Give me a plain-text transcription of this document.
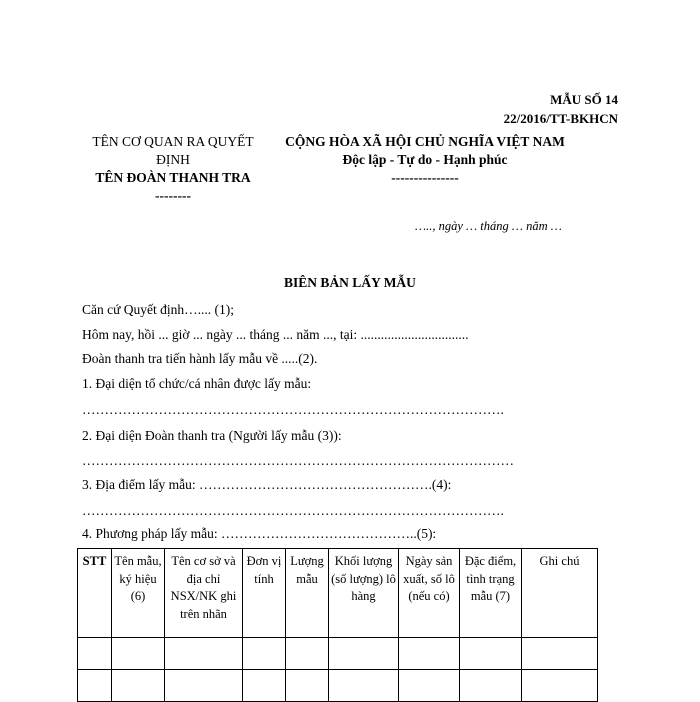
MẪU SỐ 14
22/2016/TT-BKHCN
TÊN CƠ QUAN RA QUYẾT
ĐỊNH
TÊN ĐOÀN THANH TRA
--------
CỘNG HÒA XÃ HỘI CHỦ NGHĨA VIỆT NAM
Độc lập - Tự do - Hạnh phúc
---------------
….., ngày … tháng … năm …
BIÊN BẢN LẤY MẪU
Căn cứ Quyết định….... (1);
Hôm nay, hồi ... giờ ... ngày ... tháng ... năm ..., tại: ................................
Đoàn thanh tra tiến hành lấy mẫu về .....(2).
1. Đại diện tổ chức/cá nhân được lấy mẫu:
………………………………………………………………………………….
2. Đại diện Đoàn thanh tra (Người lấy mẫu (3)):
……………………………………………………………………………………
3. Địa điểm lấy mẫu: …………………………………………….(4):
………………………………………………………………………………….
4. Phương pháp lấy mẫu: ……………………………………..(5):
STT	Tên mẫu, ký hiệu (6)	Tên cơ sở và địa chỉ NSX/NK ghi trên nhãn	Đơn vị tính	Lượng mẫu	Khối lượng (số lượng) lô hàng	Ngày sản xuất, số lô (nếu có)	Đặc điểm, tình trạng mẫu (7)	Ghi chú
